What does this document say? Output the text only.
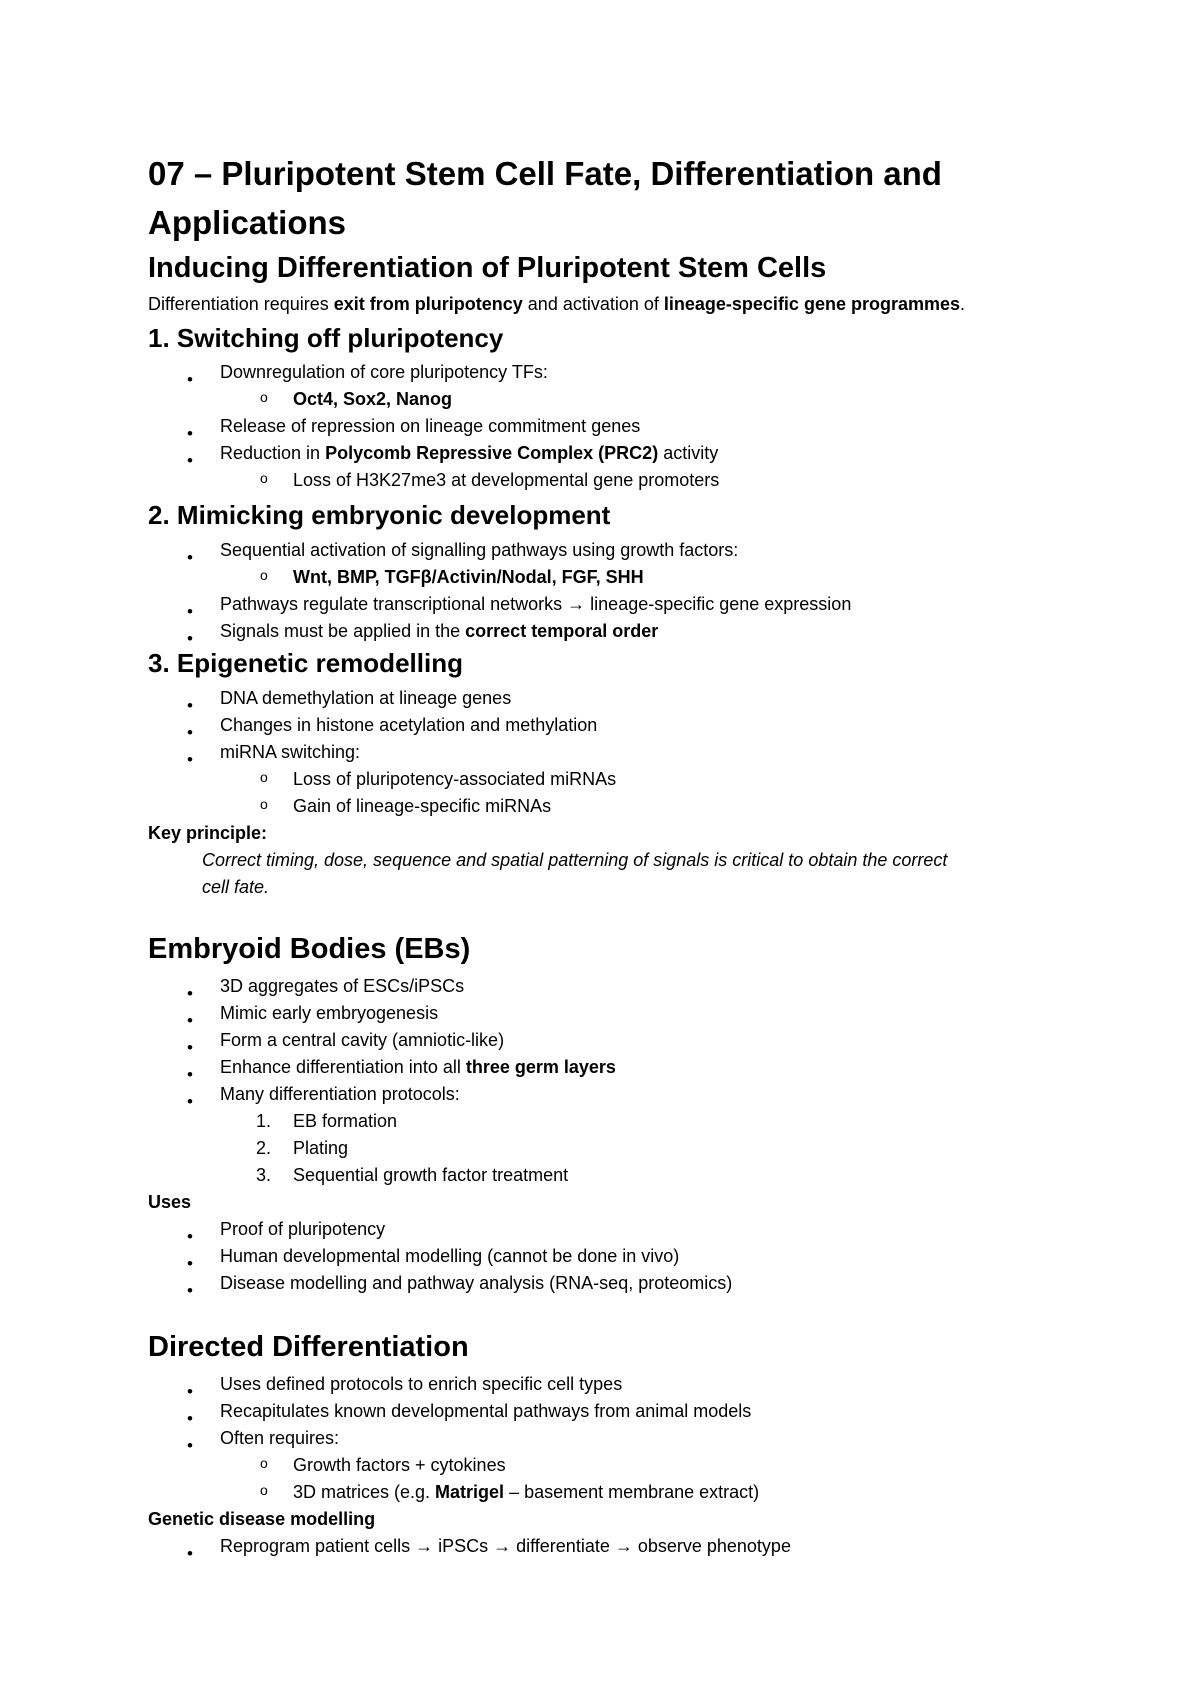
07 – Pluripotent Stem Cell Fate, Differentiation and
Applications
Inducing Differentiation of Pluripotent Stem Cells
Differentiation requires exit from pluripotency and activation of lineage-specific gene programmes.
1. Switching off pluripotency
• Downregulation of core pluripotency TFs:
o Oct4, Sox2, Nanog
• Release of repression on lineage commitment genes
• Reduction in Polycomb Repressive Complex (PRC2) activity
o Loss of H3K27me3 at developmental gene promoters
2. Mimicking embryonic development
• Sequential activation of signalling pathways using growth factors:
o Wnt, BMP, TGFβ/Activin/Nodal, FGF, SHH
• Pathways regulate transcriptional networks → lineage-specific gene expression
• Signals must be applied in the correct temporal order
3. Epigenetic remodelling
• DNA demethylation at lineage genes
• Changes in histone acetylation and methylation
• miRNA switching:
o Loss of pluripotency-associated miRNAs
o Gain of lineage-specific miRNAs
Key principle:
Correct timing, dose, sequence and spatial patterning of signals is critical to obtain the correct
cell fate.
Embryoid Bodies (EBs)
• 3D aggregates of ESCs/iPSCs
• Mimic early embryogenesis
• Form a central cavity (amniotic-like)
• Enhance differentiation into all three germ layers
• Many differentiation protocols:
1. EB formation
2. Plating
3. Sequential growth factor treatment
Uses
• Proof of pluripotency
• Human developmental modelling (cannot be done in vivo)
• Disease modelling and pathway analysis (RNA-seq, proteomics)
Directed Differentiation
• Uses defined protocols to enrich specific cell types
• Recapitulates known developmental pathways from animal models
• Often requires:
o Growth factors + cytokines
o 3D matrices (e.g. Matrigel – basement membrane extract)
Genetic disease modelling
• Reprogram patient cells → iPSCs → differentiate → observe phenotype
